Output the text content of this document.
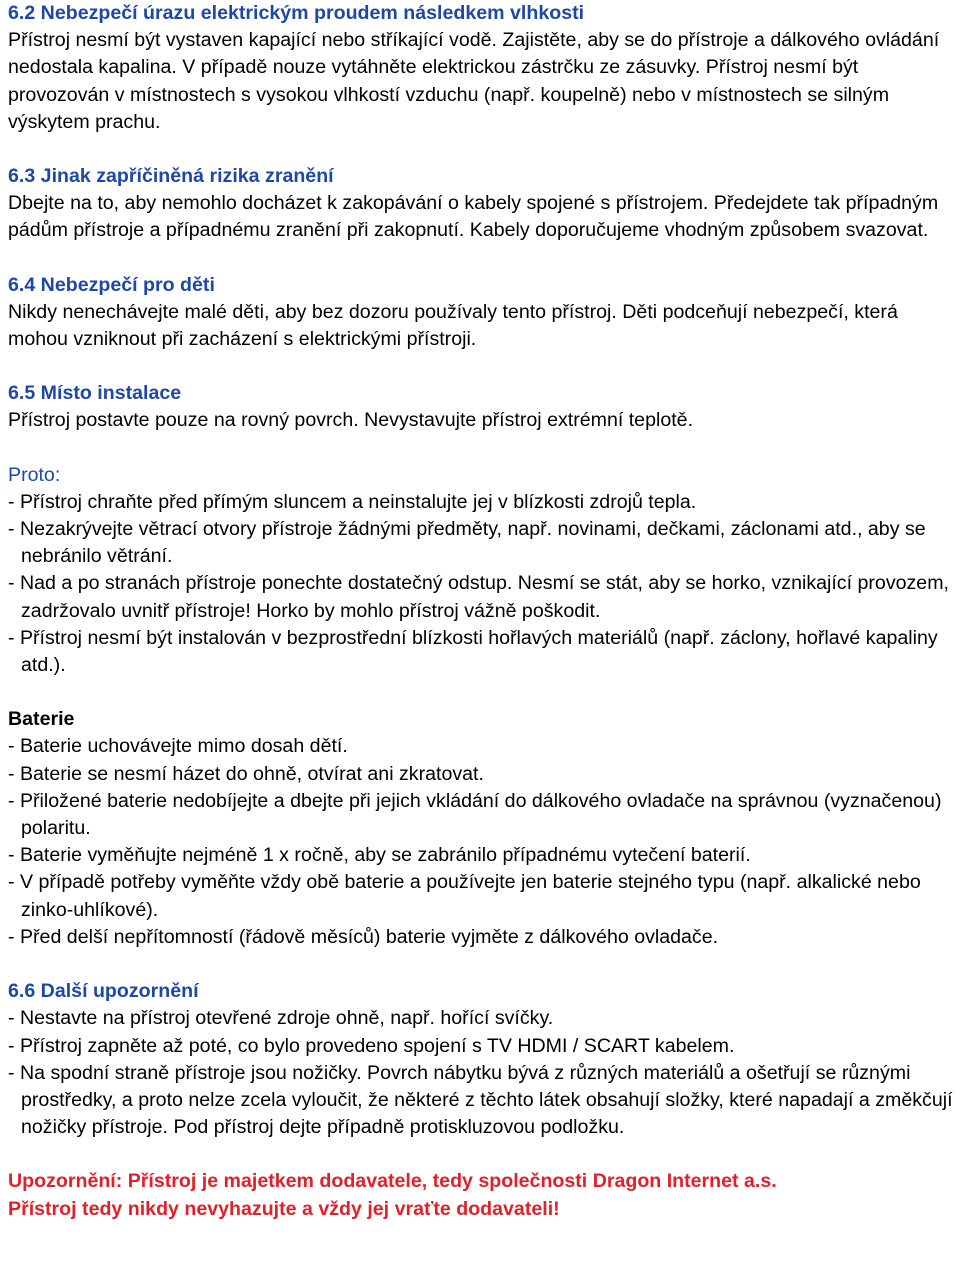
6.2 Nebezpečí úrazu elektrickým proudem následkem vlhkosti

Přístroj nesmí být vystaven kapající nebo stříkající vodě. Zajistěte, aby se do přístroje a dálkového ovládání nedostala kapalina. V případě nouze vytáhněte elektrickou zástrčku ze zásuvky. Přístroj nesmí být provozován v místnostech s vysokou vlhkostí vzduchu (např. koupelně) nebo v místnostech se silným výskytem prachu.

6.3 Jinak zapříčiněná rizika zranění

Dbejte na to, aby nemohlo docházet k zakopávání o kabely spojené s přístrojem. Předejdete tak případným pádům přístroje a případnému zranění při zakopnutí. Kabely doporučujeme vhodným způsobem svazovat.

6.4 Nebezpečí pro děti

Nikdy nenechávejte malé děti, aby bez dozoru používaly tento přístroj. Děti podceňují nebezpečí, která mohou vzniknout při zacházení s elektrickými přístroji.

6.5 Místo instalace

Přístroj postavte pouze na rovný povrch. Nevystavujte přístroj extrémní teplotě.

Proto:

- Přístroj chraňte před přímým sluncem a neinstalujte jej v blízkosti zdrojů tepla.

- Nezakrývejte větrací otvory přístroje žádnými předměty, např. novinami, dečkami, záclonami atd., aby se nebránilo větrání.

- Nad a po stranách přístroje ponechte dostatečný odstup. Nesmí se stát, aby se horko, vznikající provozem, zadržovalo uvnitř přístroje! Horko by mohlo přístroj vážně poškodit.

- Přístroj nesmí být instalován v bezprostřední blízkosti hořlavých materiálů (např. záclony, hořlavé kapaliny atd.).

Baterie

- Baterie uchovávejte mimo dosah dětí.

- Baterie se nesmí házet do ohně, otvírat ani zkratovat.

- Přiložené baterie nedobíjejte a dbejte při jejich vkládání do dálkového ovladače na správnou (vyznačenou) polaritu.

- Baterie vyměňujte nejméně 1 x ročně, aby se zabránilo případnému vytečení baterií.

- V případě potřeby vyměňte vždy obě baterie a používejte jen baterie stejného typu (např. alkalické nebo zinko-uhlíkové).

- Před delší nepřítomností (řádově měsíců) baterie vyjměte z dálkového ovladače.

6.6 Další upozornění

- Nestavte na přístroj otevřené zdroje ohně, např. hořící svíčky.

- Přístroj zapněte až poté, co bylo provedeno spojení s TV HDMI / SCART kabelem.

- Na spodní straně přístroje jsou nožičky. Povrch nábytku bývá z různých materiálů a ošetřují se různými prostředky, a proto nelze zcela vyloučit, že některé z těchto látek obsahují složky, které napadají a změkčují nožičky přístroje. Pod přístroj dejte případně protiskluzovou podložku.

Upozornění: Přístroj je majetkem dodavatele, tedy společnosti Dragon Internet a.s.

Přístroj tedy nikdy nevyhazujte a vždy jej vraťte dodavateli!
